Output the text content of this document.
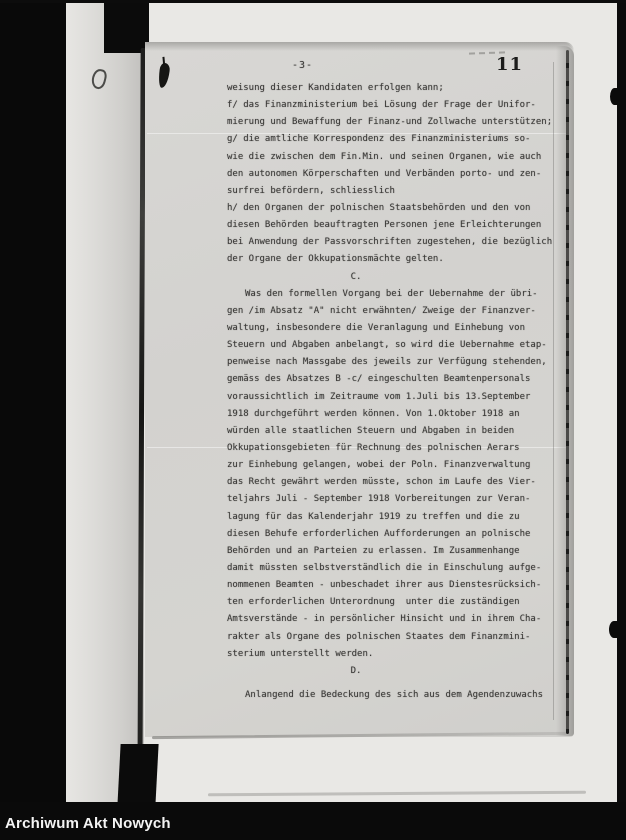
-3-	11
weisung dieser Kandidaten erfolgen kann;
f/ das Finanzministerium bei Lösung der Frage der Unifor-
mierung und Bewaffung der Finanz-und Zollwache unterstützen;
g/ die amtliche Korrespondenz des Finanzministeriums so-
wie die zwischen dem Fin.Min. und seinen Organen, wie auch
den autonomen Körperschaften und Verbänden porto- und zen-
surfrei befördern, schliesslich
h/ den Organen der polnischen Staatsbehörden und den von
diesen Behörden beauftragten Personen jene Erleichterungen
bei Anwendung der Passvorschriften zugestehen, die bezüglich
der Organe der Okkupationsmächte gelten.
C.
Was den formellen Vorgang bei der Uebernahme der übri-
gen /im Absatz "A" nicht erwähnten/ Zweige der Finanzver-
waltung, insbesondere die Veranlagung und Einhebung von
Steuern und Abgaben anbelangt, so wird die Uebernahme etap-
penweise nach Massgabe des jeweils zur Verfügung stehenden,
gemäss des Absatzes B -c/ eingeschulten Beamtenpersonals
voraussichtlich im Zeitraume vom 1.Juli bis 13.September
1918 durchgeführt werden können. Von 1.Oktober 1918 an
würden alle staatlichen Steuern und Abgaben in beiden
Okkupationsgebieten für Rechnung des polnischen Aerars
zur Einhebung gelangen, wobei der Poln. Finanzverwaltung
das Recht gewährt werden müsste, schon im Laufe des Vier-
teljahrs Juli - September 1918 Vorbereitungen zur Veran-
lagung für das Kalenderjahr 1919 zu treffen und die zu
diesen Behufe erforderlichen Aufforderungen an polnische
Behörden und an Parteien zu erlassen. Im Zusammenhange
damit müssten selbstverständlich die in Einschulung aufge-
nommenen Beamten - unbeschadet ihrer aus Dienstesrücksich-
ten erforderlichen Unterordnung  unter die zuständigen
Amtsverstände - in persönlicher Hinsicht und in ihrem Cha-
rakter als Organe des polnischen Staates dem Finanzmini-
sterium unterstellt werden.
D.
Anlangend die Bedeckung des sich aus dem Agendenzuwachs
Archiwum Akt Nowych
